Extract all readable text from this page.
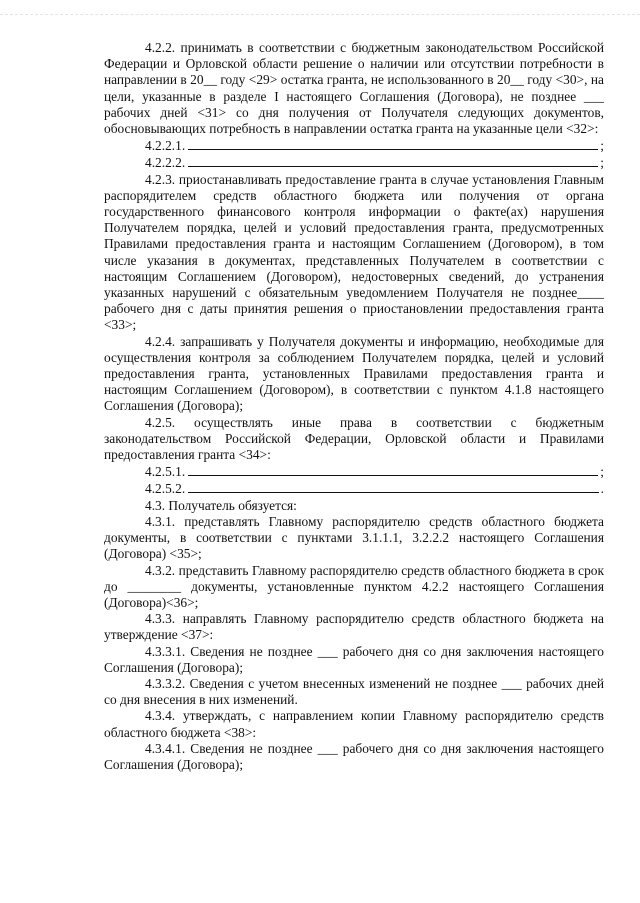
4.2.2. принимать в соответствии с бюджетным законодательством Российской Федерации и Орловской области решение о наличии или отсутствии потребности в направлении в 20__ году <29> остатка гранта, не использованного в 20__ году <30>, на цели, указанные в разделе I настоящего Соглашения (Договора), не позднее ___ рабочих дней <31> со дня получения от Получателя следующих документов, обосновывающих потребность в направлении остатка гранта на указанные цели <32>:

4.2.2.1.	;
4.2.2.2.	;

4.2.3. приостанавливать предоставление гранта в случае установления Главным распорядителем средств областного бюджета или получения от органа государственного финансового контроля информации о факте(ах) нарушения Получателем порядка, целей и условий предоставления гранта, предусмотренных Правилами предоставления гранта и настоящим Соглашением (Договором), в том числе указания в документах, представленных Получателем в соответствии с настоящим Соглашением (Договором), недостоверных сведений, до устранения указанных нарушений с обязательным уведомлением Получателя не позднее____ рабочего дня с даты принятия решения о приостановлении предоставления гранта <33>;

4.2.4. запрашивать у Получателя документы и информацию, необходимые для осуществления контроля за соблюдением Получателем порядка, целей и условий предоставления гранта, установленных Правилами предоставления гранта и настоящим Соглашением (Договором), в соответствии с пунктом 4.1.8 настоящего Соглашения (Договора);

4.2.5. осуществлять иные права в соответствии с бюджетным законодательством Российской Федерации, Орловской области и Правилами предоставления гранта <34>:

4.2.5.1.	;
4.2.5.2.	.

4.3. Получатель обязуется:

4.3.1. представлять Главному распорядителю средств областного бюджета документы, в соответствии с пунктами 3.1.1.1, 3.2.2.2 настоящего Соглашения (Договора) <35>;

4.3.2. представить Главному распорядителю средств областного бюджета в срок до ________ документы, установленные пунктом 4.2.2 настоящего Соглашения (Договора)<36>;

4.3.3. направлять Главному распорядителю средств областного бюджета на утверждение <37>:

4.3.3.1. Сведения не позднее ___ рабочего дня со дня заключения настоящего Соглашения (Договора);

4.3.3.2. Сведения с учетом внесенных изменений не позднее ___ рабочих дней со дня внесения в них изменений.

4.3.4. утверждать, с направлением копии Главному распорядителю средств областного бюджета <38>:

4.3.4.1. Сведения не позднее ___ рабочего дня со дня заключения настоящего Соглашения (Договора);
